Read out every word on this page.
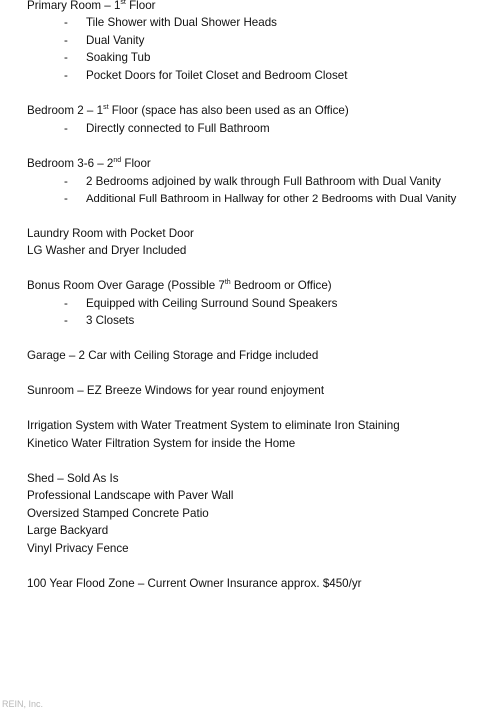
Primary Room – 1st Floor
- Tile Shower with Dual Shower Heads
- Dual Vanity
- Soaking Tub
- Pocket Doors for Toilet Closet and Bedroom Closet
Bedroom 2 – 1st Floor (space has also been used as an Office)
- Directly connected to Full Bathroom
Bedroom 3-6 – 2nd Floor
- 2 Bedrooms adjoined by walk through Full Bathroom with Dual Vanity
- Additional Full Bathroom in Hallway for other 2 Bedrooms with Dual Vanity
Laundry Room with Pocket Door
LG Washer and Dryer Included
Bonus Room Over Garage (Possible 7th Bedroom or Office)
- Equipped with Ceiling Surround Sound Speakers
- 3 Closets
Garage – 2 Car with Ceiling Storage and Fridge included
Sunroom – EZ Breeze Windows for year round enjoyment
Irrigation System with Water Treatment System to eliminate Iron Staining
Kinetico Water Filtration System for inside the Home
Shed – Sold As Is
Professional Landscape with Paver Wall
Oversized Stamped Concrete Patio
Large Backyard
Vinyl Privacy Fence
100 Year Flood Zone – Current Owner Insurance approx. $450/yr
REIN, Inc.
